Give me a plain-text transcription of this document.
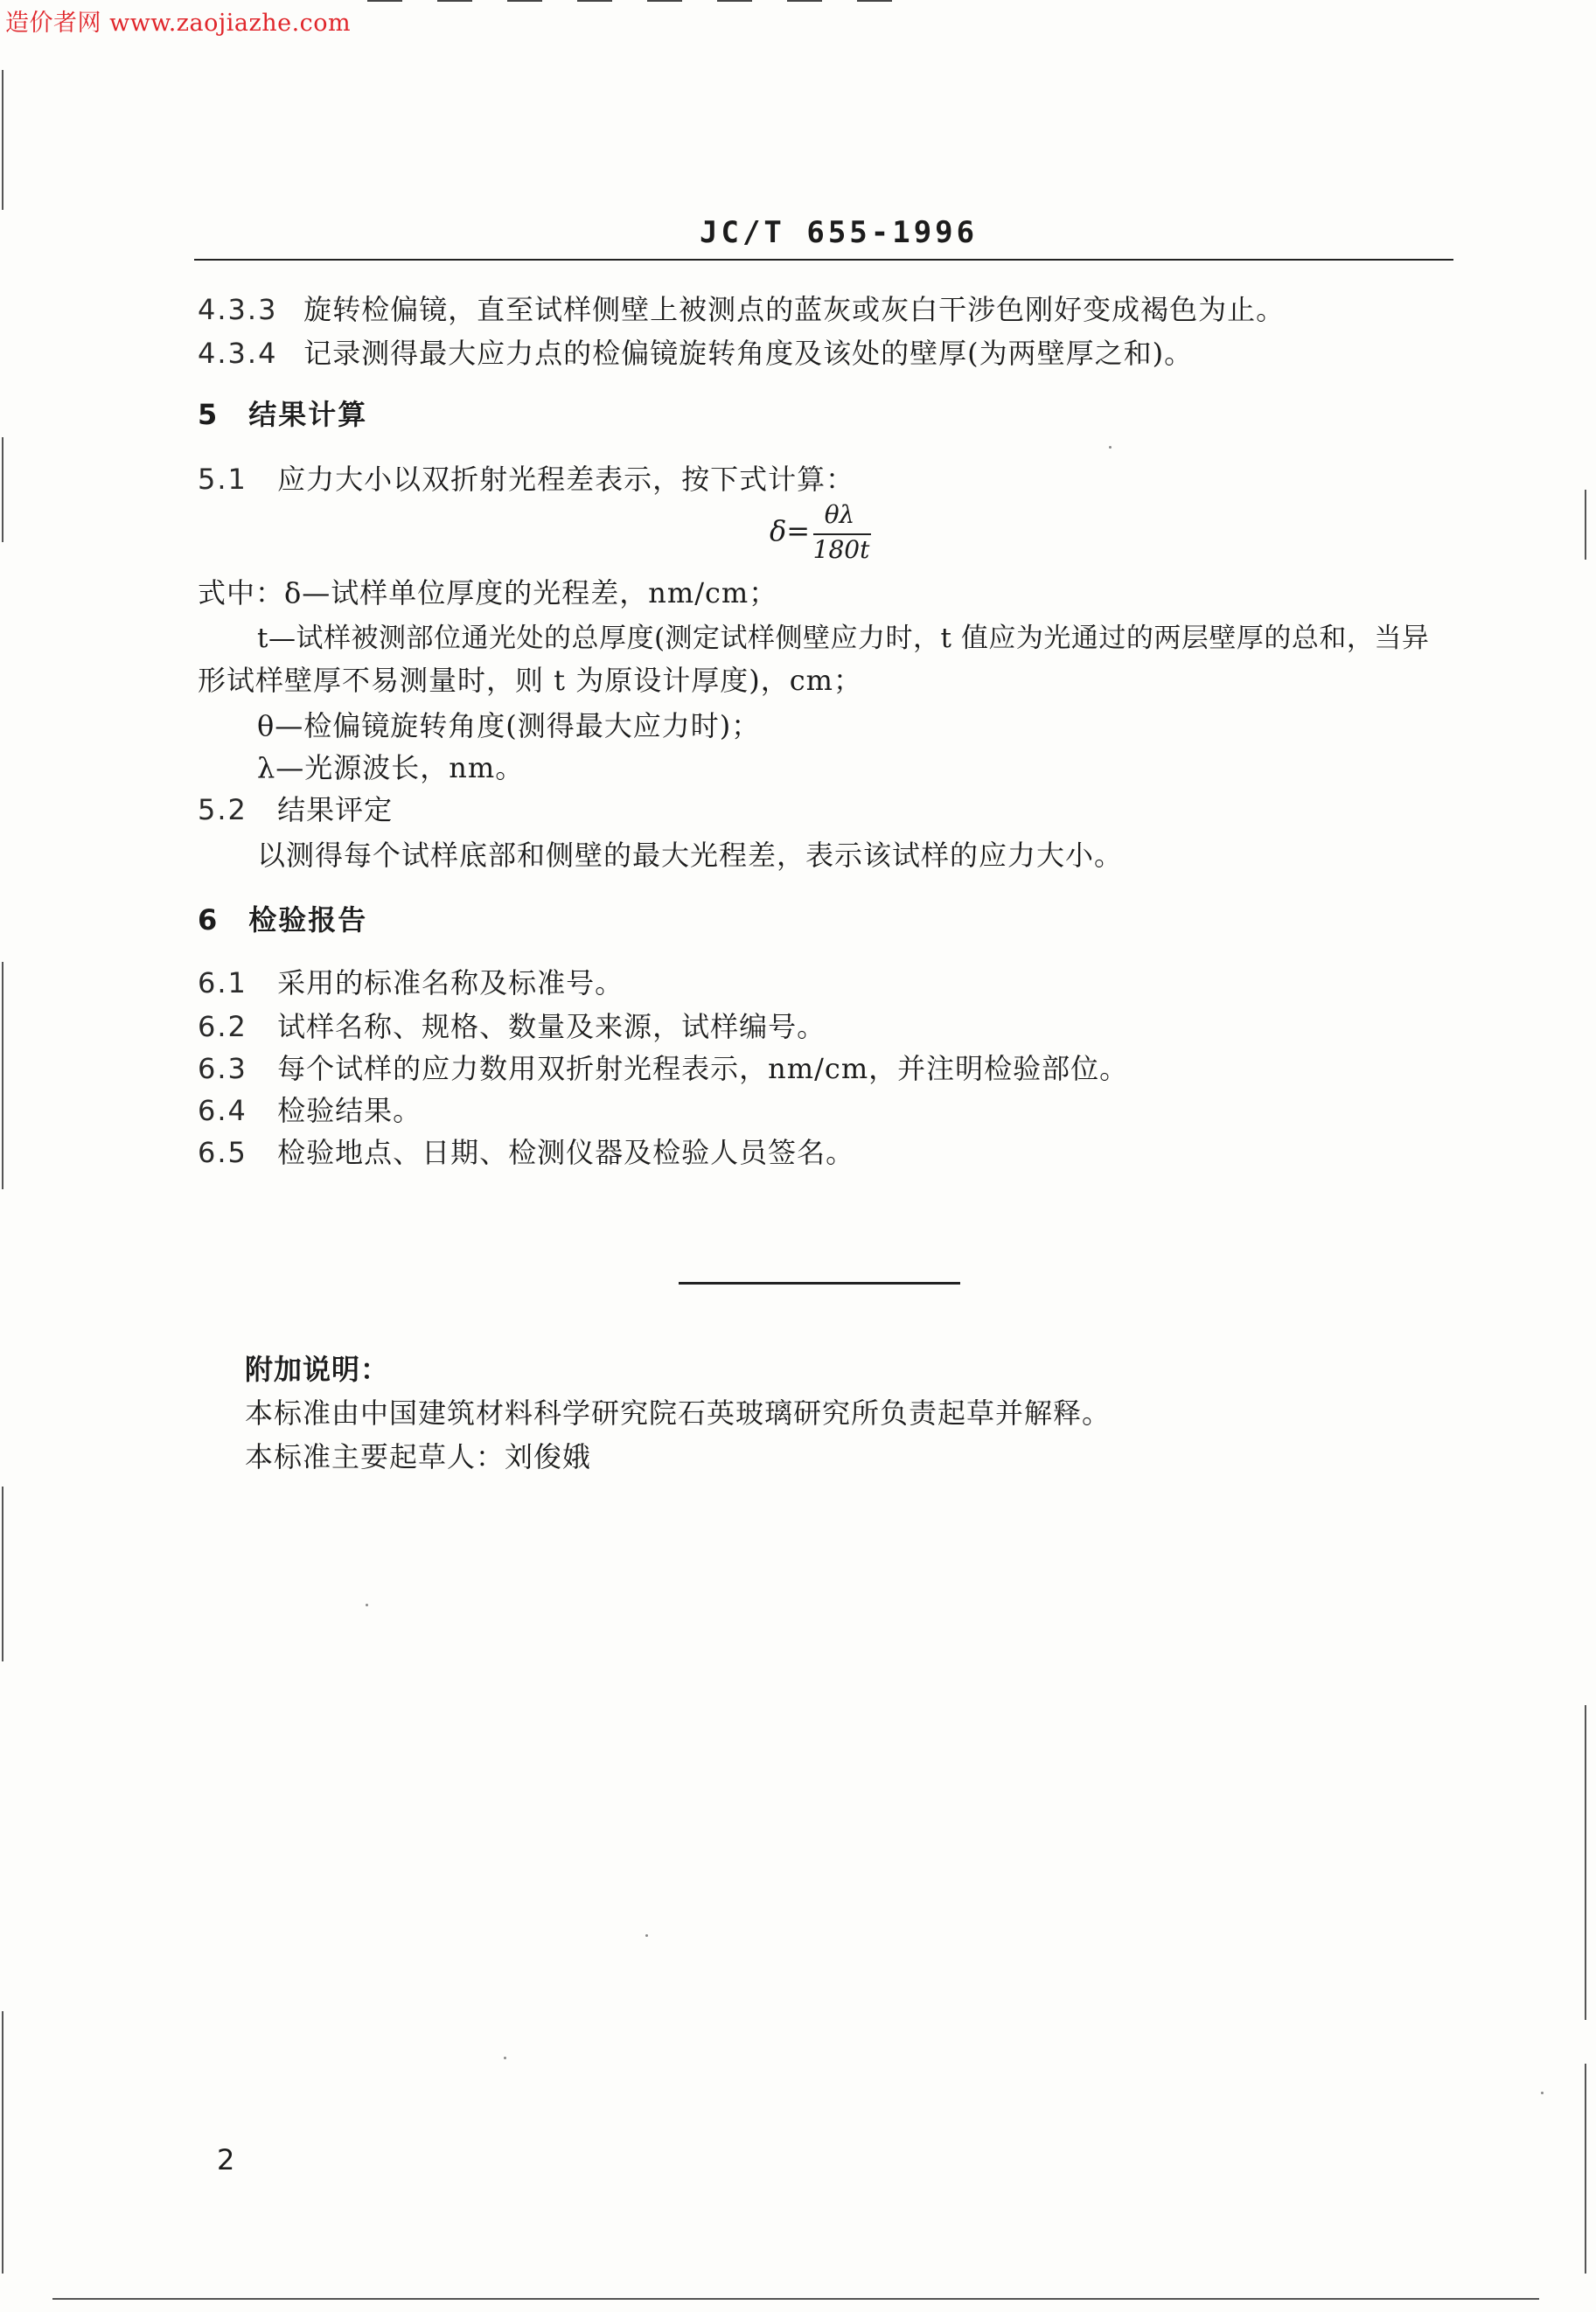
造价者网 www.zaojiazhe.com
JC/T 655-1996
4.3.3 旋转检偏镜，直至试样侧壁上被测点的蓝灰或灰白干涉色刚好变成褐色为止。
4.3.4 记录测得最大应力点的检偏镜旋转角度及该处的壁厚(为两壁厚之和)。
5　结果计算
5.1 应力大小以双折射光程差表示，按下式计算：
δ= θλ
180t
式中：δ—试样单位厚度的光程差，nm/cm；
t—试样被测部位通光处的总厚度(测定试样侧壁应力时，t 值应为光通过的两层壁厚的总和，当异
形试样壁厚不易测量时，则 t 为原设计厚度)，cm；
θ—检偏镜旋转角度(测得最大应力时)；
λ—光源波长，nm。
5.2 结果评定
以测得每个试样底部和侧壁的最大光程差，表示该试样的应力大小。
6　检验报告
6.1 采用的标准名称及标准号。
6.2 试样名称、规格、数量及来源，试样编号。
6.3 每个试样的应力数用双折射光程表示，nm/cm，并注明检验部位。
6.4 检验结果。
6.5 检验地点、日期、检测仪器及检验人员签名。
附加说明：
本标准由中国建筑材料科学研究院石英玻璃研究所负责起草并解释。
本标准主要起草人：刘俊娥
2
